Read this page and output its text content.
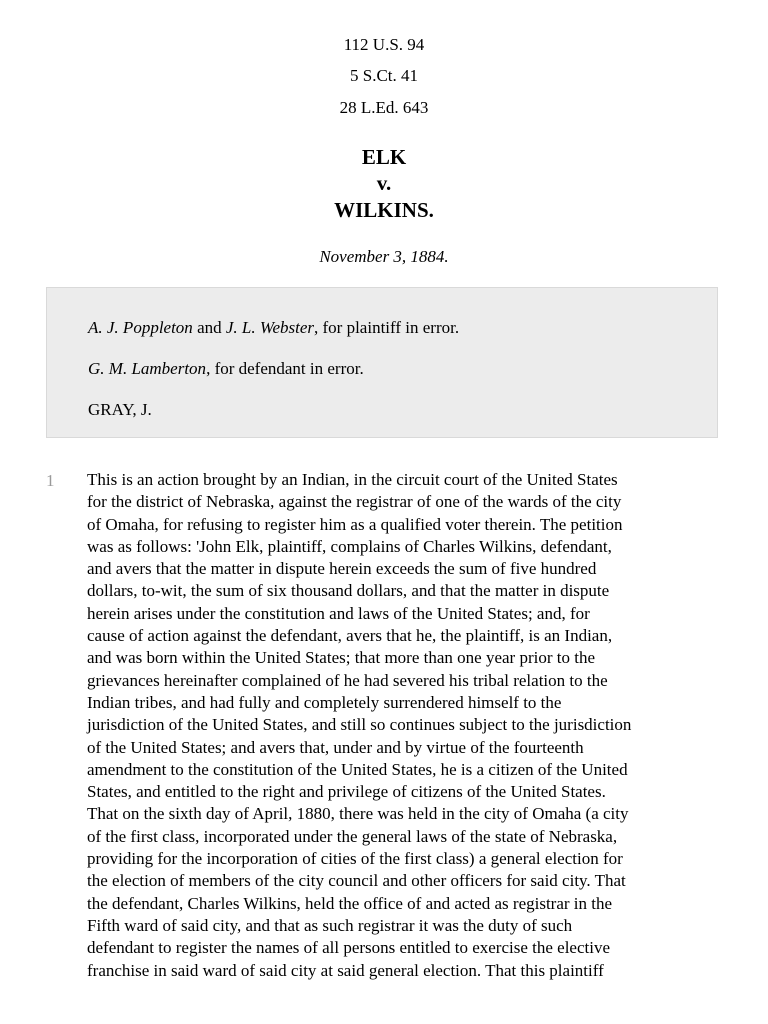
112 U.S. 94
5 S.Ct. 41
28 L.Ed. 643
ELK
v.
WILKINS.
November 3, 1884.
A. J. Poppleton and J. L. Webster, for plaintiff in error.
G. M. Lamberton, for defendant in error.
GRAY, J.
1 This is an action brought by an Indian, in the circuit court of the United States
for the district of Nebraska, against the registrar of one of the wards of the city
of Omaha, for refusing to register him as a qualified voter therein. The petition
was as follows: 'John Elk, plaintiff, complains of Charles Wilkins, defendant,
and avers that the matter in dispute herein exceeds the sum of five hundred
dollars, to-wit, the sum of six thousand dollars, and that the matter in dispute
herein arises under the constitution and laws of the United States; and, for
cause of action against the defendant, avers that he, the plaintiff, is an Indian,
and was born within the United States; that more than one year prior to the
grievances hereinafter complained of he had severed his tribal relation to the
Indian tribes, and had fully and completely surrendered himself to the
jurisdiction of the United States, and still so continues subject to the jurisdiction
of the United States; and avers that, under and by virtue of the fourteenth
amendment to the constitution of the United States, he is a citizen of the United
States, and entitled to the right and privilege of citizens of the United States.
That on the sixth day of April, 1880, there was held in the city of Omaha (a city
of the first class, incorporated under the general laws of the state of Nebraska,
providing for the incorporation of cities of the first class) a general election for
the election of members of the city council and other officers for said city. That
the defendant, Charles Wilkins, held the office of and acted as registrar in the
Fifth ward of said city, and that as such registrar it was the duty of such
defendant to register the names of all persons entitled to exercise the elective
franchise in said ward of said city at said general election. That this plaintiff
